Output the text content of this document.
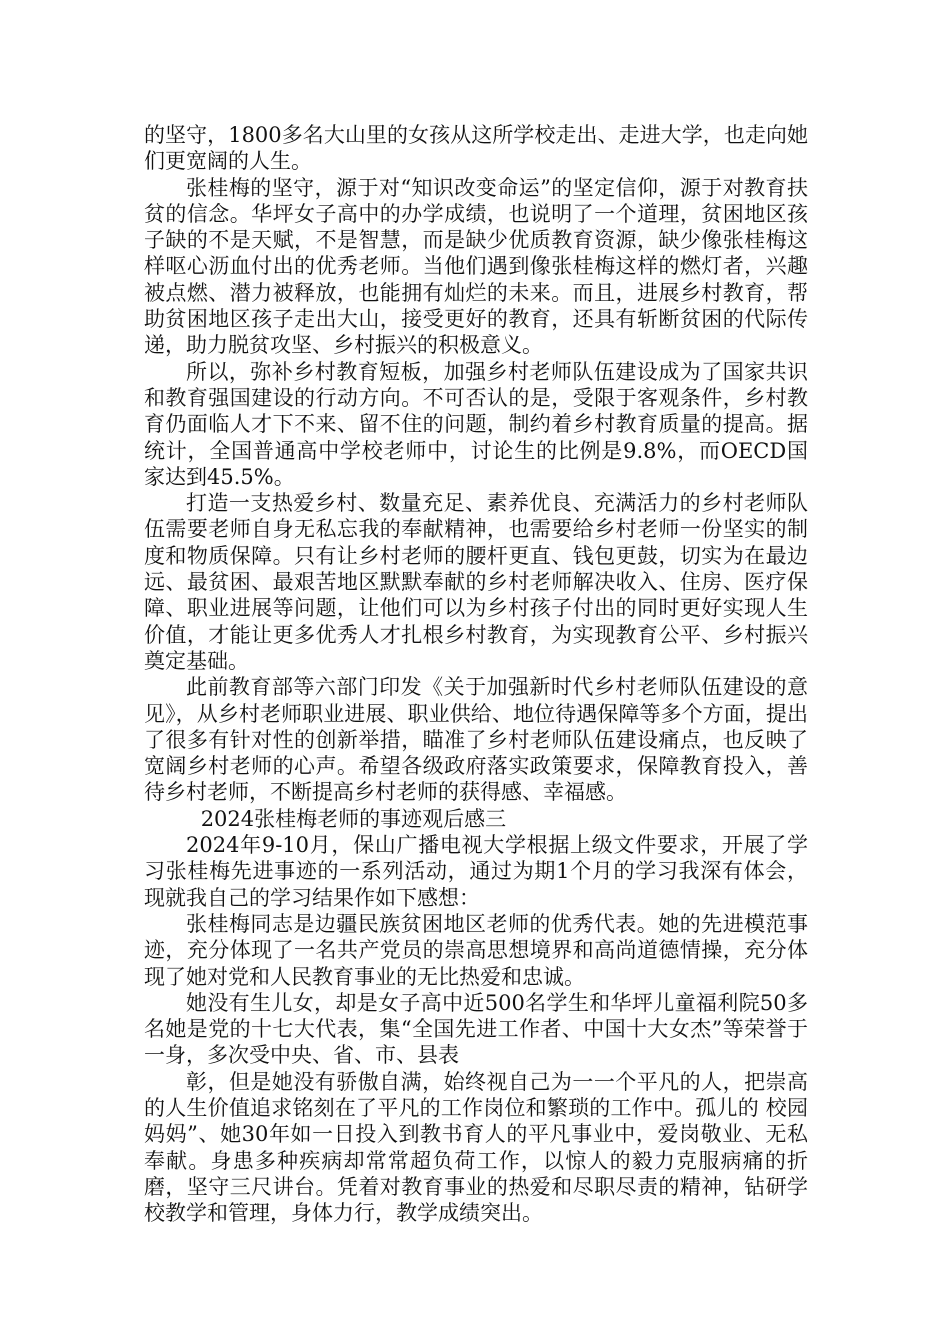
的坚守，1800多名大山里的女孩从这所学校走出、走进大学，也走向她们更宽阔的人生。

张桂梅的坚守，源于对“知识改变命运”的坚定信仰，源于对教育扶贫的信念。华坪女子高中的办学成绩，也说明了一个道理，贫困地区孩子缺的不是天赋，不是智慧，而是缺少优质教育资源，缺少像张桂梅这样呕心沥血付出的优秀老师。当他们遇到像张桂梅这样的燃灯者，兴趣被点燃、潜力被释放，也能拥有灿烂的未来。而且，进展乡村教育，帮助贫困地区孩子走出大山，接受更好的教育，还具有斩断贫困的代际传递，助力脱贫攻坚、乡村振兴的积极意义。

所以，弥补乡村教育短板，加强乡村老师队伍建设成为了国家共识和教育强国建设的行动方向。不可否认的是，受限于客观条件，乡村教育仍面临人才下不来、留不住的问题，制约着乡村教育质量的提高。据统计，全国普通高中学校老师中，讨论生的比例是9.8%，而OECD国家达到45.5%。

打造一支热爱乡村、数量充足、素养优良、充满活力的乡村老师队伍需要老师自身无私忘我的奉献精神，也需要给乡村老师一份坚实的制度和物质保障。只有让乡村老师的腰杆更直、钱包更鼓，切实为在最边远、最贫困、最艰苦地区默默奉献的乡村老师解决收入、住房、医疗保障、职业进展等问题，让他们可以为乡村孩子付出的同时更好实现人生价值，才能让更多优秀人才扎根乡村教育，为实现教育公平、乡村振兴奠定基础。

此前教育部等六部门印发《关于加强新时代乡村老师队伍建设的意见》，从乡村老师职业进展、职业供给、地位待遇保障等多个方面，提出了很多有针对性的创新举措，瞄准了乡村老师队伍建设痛点，也反映了宽阔乡村老师的心声。希望各级政府落实政策要求，保障教育投入，善待乡村老师，不断提高乡村老师的获得感、幸福感。

2024张桂梅老师的事迹观后感三

2024年9-10月，保山广播电视大学根据上级文件要求，开展了学习张桂梅先进事迹的一系列活动，通过为期1个月的学习我深有体会，现就我自己的学习结果作如下感想：

张桂梅同志是边疆民族贫困地区老师的优秀代表。她的先进模范事迹，充分体现了一名共产党员的崇高思想境界和高尚道德情操，充分体现了她对党和人民教育事业的无比热爱和忠诚。

她没有生儿女，却是女子高中近500名学生和华坪儿童福利院50多名她是党的十七大代表，集“全国先进工作者、中国十大女杰”等荣誉于一身，多次受中央、省、市、县表

彰，但是她没有骄傲自满，始终视自己为一一个平凡的人，把崇高的人生价值追求铭刻在了平凡的工作岗位和繁琐的工作中。孤儿的 校园妈妈”、她30年如一日投入到教书育人的平凡事业中，爱岗敬业、无私奉献。身患多种疾病却常常超负荷工作，以惊人的毅力克服病痛的折磨，坚守三尺讲台。凭着对教育事业的热爱和尽职尽责的精神，钻研学校教学和管理，身体力行，教学成绩突出。
